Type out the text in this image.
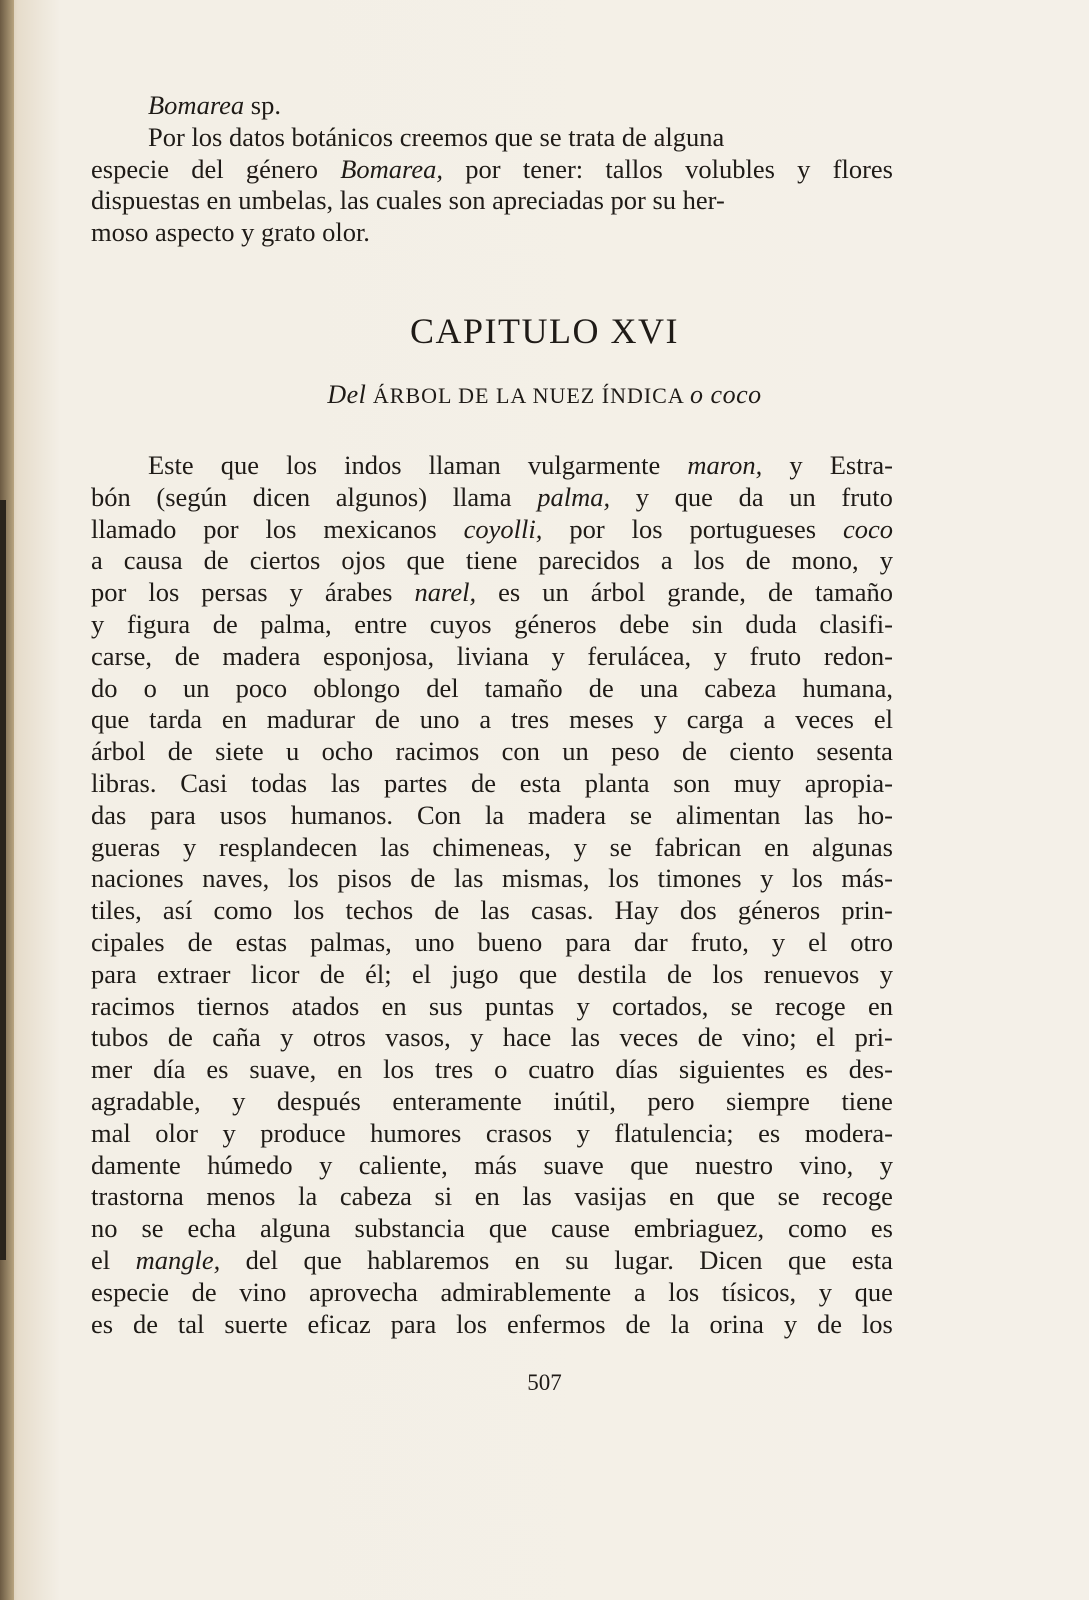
Bomarea sp.
Por los datos botánicos creemos que se trata de alguna
especie del género Bomarea, por tener: tallos volubles y flores
dispuestas en umbelas, las cuales son apreciadas por su her-
moso aspecto y grato olor.
CAPITULO XVI
Del ÁRBOL DE LA NUEZ ÍNDICA o coco
Este que los indos llaman vulgarmente maron, y Estra-
bón (según dicen algunos) llama palma, y que da un fruto
llamado por los mexicanos coyolli, por los portugueses coco
a causa de ciertos ojos que tiene parecidos a los de mono, y
por los persas y árabes narel, es un árbol grande, de tamaño
y figura de palma, entre cuyos géneros debe sin duda clasifi-
carse, de madera esponjosa, liviana y ferulácea, y fruto redon-
do o un poco oblongo del tamaño de una cabeza humana,
que tarda en madurar de uno a tres meses y carga a veces el
árbol de siete u ocho racimos con un peso de ciento sesenta
libras. Casi todas las partes de esta planta son muy apropia-
das para usos humanos. Con la madera se alimentan las ho-
gueras y resplandecen las chimeneas, y se fabrican en algunas
naciones naves, los pisos de las mismas, los timones y los más-
tiles, así como los techos de las casas. Hay dos géneros prin-
cipales de estas palmas, uno bueno para dar fruto, y el otro
para extraer licor de él; el jugo que destila de los renuevos y
racimos tiernos atados en sus puntas y cortados, se recoge en
tubos de caña y otros vasos, y hace las veces de vino; el pri-
mer día es suave, en los tres o cuatro días siguientes es des-
agradable, y después enteramente inútil, pero siempre tiene
mal olor y produce humores crasos y flatulencia; es modera-
damente húmedo y caliente, más suave que nuestro vino, y
trastorna menos la cabeza si en las vasijas en que se recoge
no se echa alguna substancia que cause embriaguez, como es
el mangle, del que hablaremos en su lugar. Dicen que esta
especie de vino aprovecha admirablemente a los tísicos, y que
es de tal suerte eficaz para los enfermos de la orina y de los
507
